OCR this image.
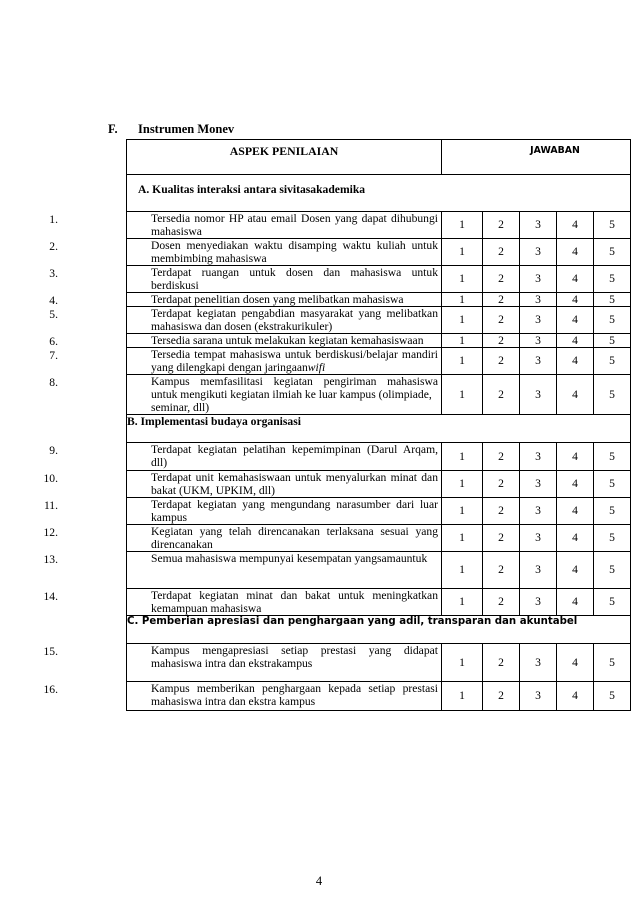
F. Instrumen Monev
ASPEK PENILAIAN	JAWABAN				
A. Kualitas interaksi antara sivitasakademika					

1. Tersedia nomor HP atau email Dosen yang dapat dihubungi
mahasiswa	1	2	3	4	5

2. Dosen menyediakan waktu disamping waktu kuliah untuk
membimbing mahasiswa	1	2	3	4	5

3. Terdapat ruangan untuk dosen dan mahasiswa untuk
berdiskusi	1	2	3	4	5

4. Terdapat penelitian dosen yang melibatkan mahasiswa	1	2	3	4	5

5. Terdapat kegiatan pengabdian masyarakat yang melibatkan
mahasiswa dan dosen (ekstrakurikuler)	1	2	3	4	5

6. Tersedia sarana untuk melakukan kegiatan kemahasiswaan	1	2	3	4	5

7. Tersedia tempat mahasiswa untuk berdiskusi/belajar mandiri
yang dilengkapi dengan jaringaanwifi	1	2	3	4	5

8. Kampus memfasilitasi kegiatan pengiriman mahasiswa
untuk mengikuti kegiatan ilmiah ke luar kampus (olimpiade,
seminar, dll)	1	2	3	4	5
B. Implementasi budaya organisasi					

9. Terdapat kegiatan pelatihan kepemimpinan (Darul Arqam,
dll)	1	2	3	4	5

10. Terdapat unit kemahasiswaan untuk menyalurkan minat dan
bakat (UKM, UPKIM, dll)	1	2	3	4	5

11. Terdapat kegiatan yang mengundang narasumber dari luar
kampus	1	2	3	4	5

12. Kegiatan yang telah direncanakan terlaksana sesuai yang
direncanakan	1	2	3	4	5

13. Semua mahasiswa mempunyai kesempatan yangsamauntuk	1	2	3	4	5

14. Terdapat kegiatan minat dan bakat untuk meningkatkan
kemampuan mahasiswa	1	2	3	4	5
C. Pemberian apresiasi dan penghargaan yang adil, transparan dan akuntabel					

15. Kampus mengapresiasi setiap prestasi yang didapat
mahasiswa intra dan ekstrakampus	1	2	3	4	5

16. Kampus memberikan penghargaan kepada setiap prestasi
mahasiswa intra dan ekstra kampus	1	2	3	4	5
4
